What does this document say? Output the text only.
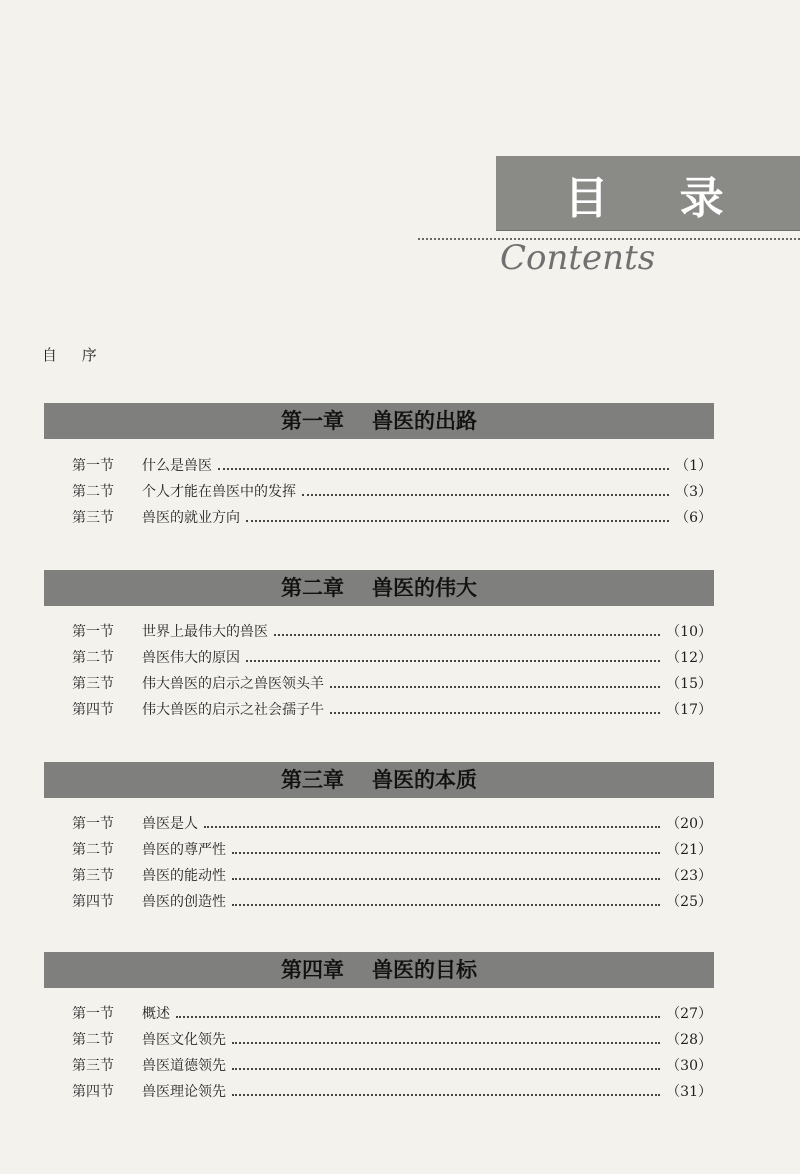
目 录
Contents
自 序
第一章 兽医的出路
第一节	什么是兽医	（1）
第二节	个人才能在兽医中的发挥	（3）
第三节	兽医的就业方向	（6）
第二章 兽医的伟大
第一节	世界上最伟大的兽医	（10）
第二节	兽医伟大的原因	（12）
第三节	伟大兽医的启示之兽医领头羊	（15）
第四节	伟大兽医的启示之社会孺子牛	（17）
第三章 兽医的本质
第一节	兽医是人	（20）
第二节	兽医的尊严性	（21）
第三节	兽医的能动性	（23）
第四节	兽医的创造性	（25）
第四章 兽医的目标
第一节	概述	（27）
第二节	兽医文化领先	（28）
第三节	兽医道德领先	（30）
第四节	兽医理论领先	（31）
